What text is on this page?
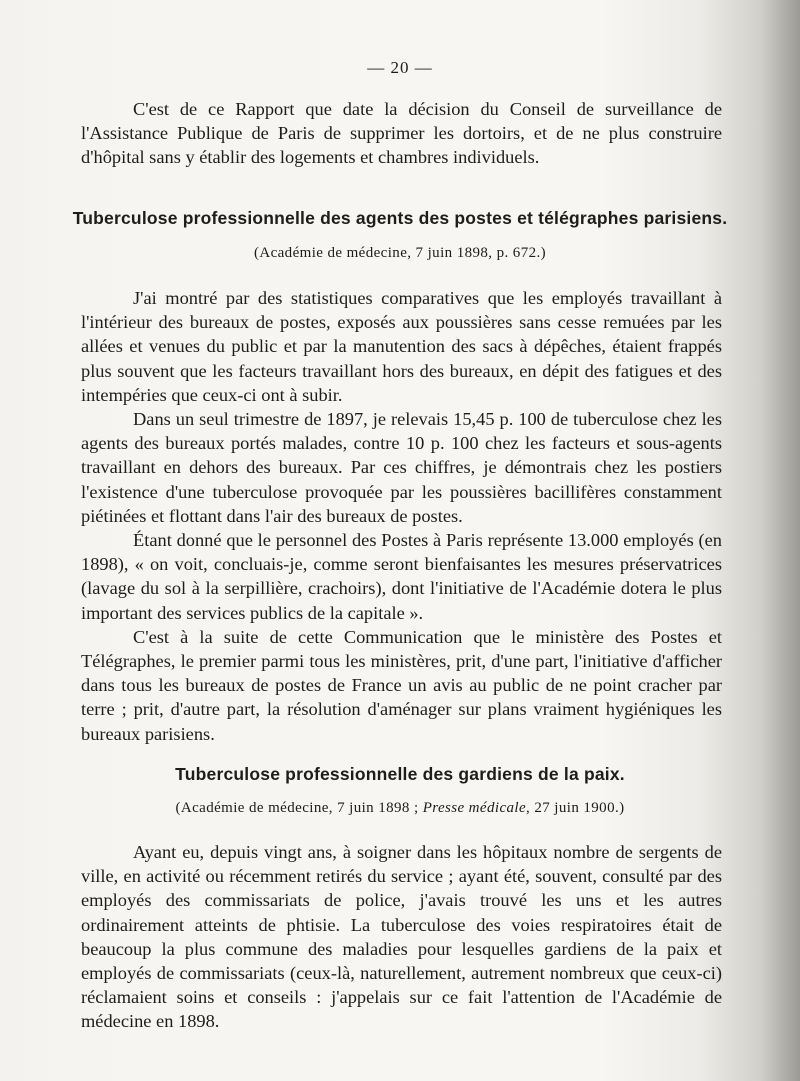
— 20 —

C'est de ce Rapport que date la décision du Conseil de surveillance de l'Assistance Publique de Paris de supprimer les dortoirs, et de ne plus construire d'hôpital sans y établir des logements et chambres individuels.

Tuberculose professionnelle des agents des postes et télégraphes parisiens.
(Académie de médecine, 7 juin 1898, p. 672.)

J'ai montré par des statistiques comparatives que les employés travaillant à l'intérieur des bureaux de postes, exposés aux poussières sans cesse remuées par les allées et venues du public et par la manutention des sacs à dépêches, étaient frappés plus souvent que les facteurs travaillant hors des bureaux, en dépit des fatigues et des intempéries que ceux-ci ont à subir.

Dans un seul trimestre de 1897, je relevais 15,45 p. 100 de tuberculose chez les agents des bureaux portés malades, contre 10 p. 100 chez les facteurs et sous-agents travaillant en dehors des bureaux. Par ces chiffres, je démontrais chez les postiers l'existence d'une tuberculose provoquée par les poussières bacillifères constamment piétinées et flottant dans l'air des bureaux de postes.

Étant donné que le personnel des Postes à Paris représente 13.000 employés (en 1898), « on voit, concluais-je, comme seront bienfaisantes les mesures préservatrices (lavage du sol à la serpillière, crachoirs), dont l'initiative de l'Académie dotera le plus important des services publics de la capitale ».

C'est à la suite de cette Communication que le ministère des Postes et Télégraphes, le premier parmi tous les ministères, prit, d'une part, l'initiative d'afficher dans tous les bureaux de postes de France un avis au public de ne point cracher par terre ; prit, d'autre part, la résolution d'aménager sur plans vraiment hygiéniques les bureaux parisiens.

Tuberculose professionnelle des gardiens de la paix.
(Académie de médecine, 7 juin 1898 ; Presse médicale, 27 juin 1900.)

Ayant eu, depuis vingt ans, à soigner dans les hôpitaux nombre de sergents de ville, en activité ou récemment retirés du service ; ayant été, souvent, consulté par des employés des commissariats de police, j'avais trouvé les uns et les autres ordinairement atteints de phtisie. La tuberculose des voies respiratoires était de beaucoup la plus commune des maladies pour lesquelles gardiens de la paix et employés de commissariats (ceux-là, naturellement, autrement nombreux que ceux-ci) réclamaient soins et conseils : j'appelais sur ce fait l'attention de l'Académie de médecine en 1898.
